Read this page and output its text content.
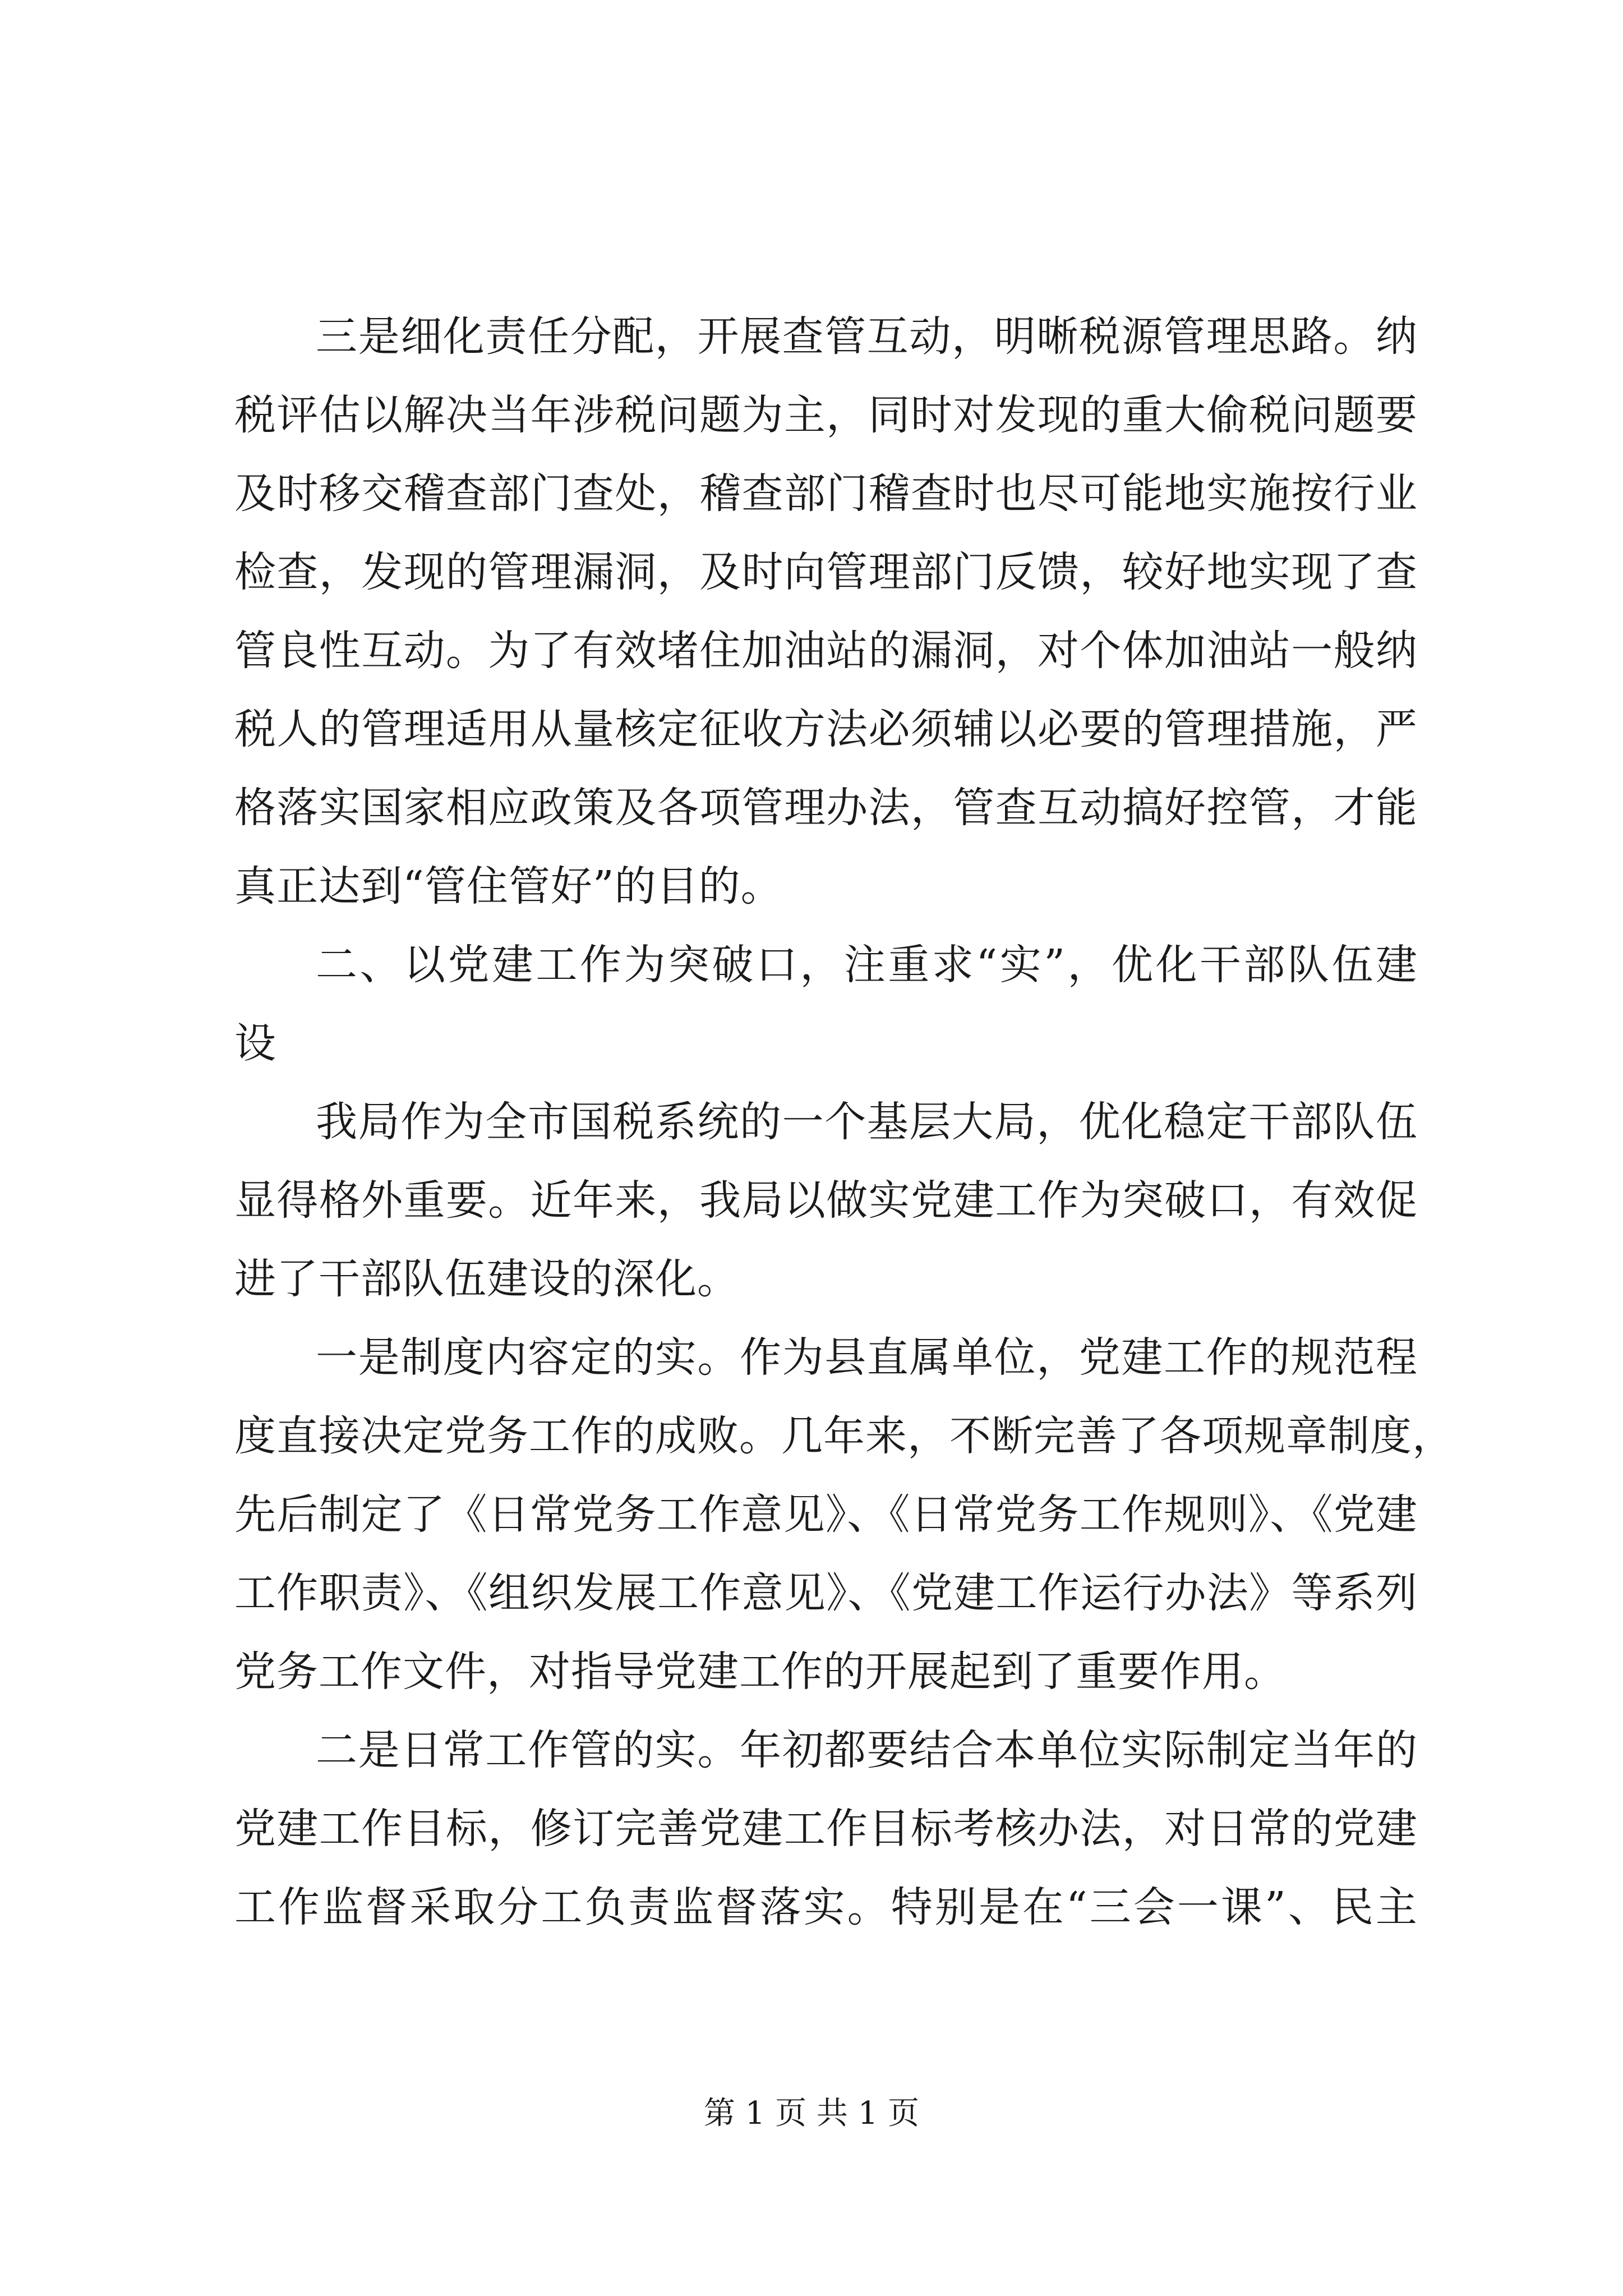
三是细化责任分配，开展查管互动，明晰税源管理思路。纳
税评估以解决当年涉税问题为主，同时对发现的重大偷税问题要
及时移交稽查部门查处，稽查部门稽查时也尽可能地实施按行业
检查，发现的管理漏洞，及时向管理部门反馈，较好地实现了查
管良性互动。为了有效堵住加油站的漏洞，对个体加油站一般纳
税人的管理适用从量核定征收方法必须辅以必要的管理措施，严
格落实国家相应政策及各项管理办法，管查互动搞好控管，才能
真正达到“管住管好”的目的。
二、以党建工作为突破口，注重求“实”，优化干部队伍建
设
我局作为全市国税系统的一个基层大局，优化稳定干部队伍
显得格外重要。近年来，我局以做实党建工作为突破口，有效促
进了干部队伍建设的深化。
一是制度内容定的实。作为县直属单位，党建工作的规范程
度直接决定党务工作的成败。几年来，不断完善了各项规章制度，
先后制定了《日常党务工作意见》、《日常党务工作规则》、《党建
工作职责》、《组织发展工作意见》、《党建工作运行办法》等系列
党务工作文件，对指导党建工作的开展起到了重要作用。
二是日常工作管的实。年初都要结合本单位实际制定当年的
党建工作目标，修订完善党建工作目标考核办法，对日常的党建
工作监督采取分工负责监督落实。特别是在“三会一课”、民主
第 1 页 共 1 页
